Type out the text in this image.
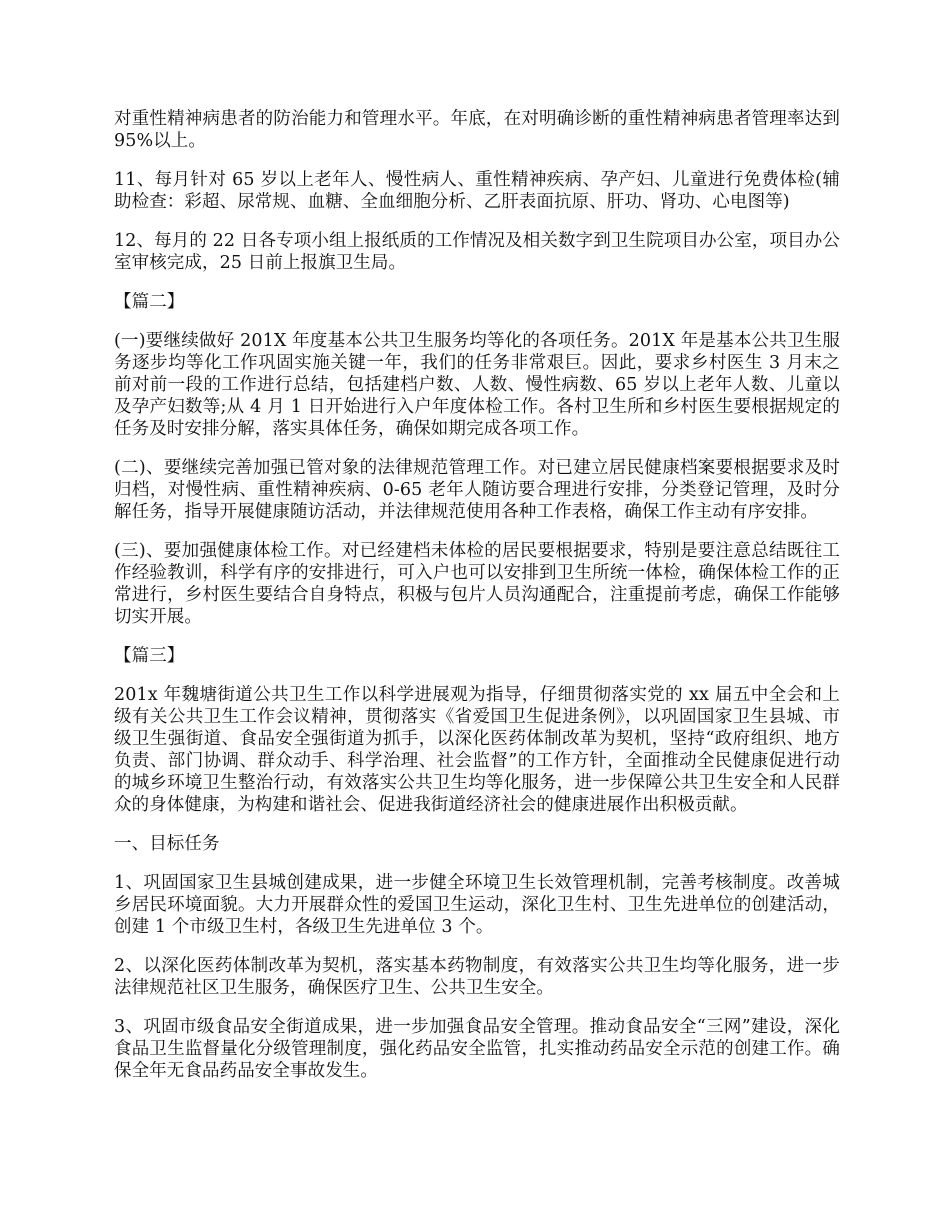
对重性精神病患者的防治能力和管理水平。年底，在对明确诊断的重性精神病患者管理率达到 95%以上。

11、每月针对 65 岁以上老年人、慢性病人、重性精神疾病、孕产妇、儿童进行免费体检(辅助检查：彩超、尿常规、血糖、全血细胞分析、乙肝表面抗原、肝功、肾功、心电图等)

12、每月的 22 日各专项小组上报纸质的工作情况及相关数字到卫生院项目办公室，项目办公室审核完成，25 日前上报旗卫生局。

【篇二】

(一)要继续做好 201X 年度基本公共卫生服务均等化的各项任务。201X 年是基本公共卫生服务逐步均等化工作巩固实施关键一年，我们的任务非常艰巨。因此，要求乡村医生 3 月末之前对前一段的工作进行总结，包括建档户数、人数、慢性病数、65 岁以上老年人数、儿童以及孕产妇数等;从 4 月 1 日开始进行入户年度体检工作。各村卫生所和乡村医生要根据规定的任务及时安排分解，落实具体任务，确保如期完成各项工作。

(二)、要继续完善加强已管对象的法律规范管理工作。对已建立居民健康档案要根据要求及时归档，对慢性病、重性精神疾病、0-65 老年人随访要合理进行安排，分类登记管理，及时分解任务，指导开展健康随访活动，并法律规范使用各种工作表格，确保工作主动有序安排。

(三)、要加强健康体检工作。对已经建档未体检的居民要根据要求，特别是要注意总结既往工作经验教训，科学有序的安排进行，可入户也可以安排到卫生所统一体检，确保体检工作的正常进行，乡村医生要结合自身特点，积极与包片人员沟通配合，注重提前考虑，确保工作能够切实开展。

【篇三】

201x 年魏塘街道公共卫生工作以科学进展观为指导，仔细贯彻落实党的 xx 届五中全会和上级有关公共卫生工作会议精神，贯彻落实《省爱国卫生促进条例》，以巩固国家卫生县城、市级卫生强街道、食品安全强街道为抓手，以深化医药体制改革为契机，坚持“政府组织、地方负责、部门协调、群众动手、科学治理、社会监督”的工作方针，全面推动全民健康促进行动的城乡环境卫生整治行动，有效落实公共卫生均等化服务，进一步保障公共卫生安全和人民群众的身体健康，为构建和谐社会、促进我街道经济社会的健康进展作出积极贡献。

一、目标任务

1、巩固国家卫生县城创建成果，进一步健全环境卫生长效管理机制，完善考核制度。改善城乡居民环境面貌。大力开展群众性的爱国卫生运动，深化卫生村、卫生先进单位的创建活动，创建 1 个市级卫生村，各级卫生先进单位 3 个。

2、以深化医药体制改革为契机，落实基本药物制度，有效落实公共卫生均等化服务，进一步法律规范社区卫生服务，确保医疗卫生、公共卫生安全。

3、巩固市级食品安全街道成果，进一步加强食品安全管理。推动食品安全“三网”建设，深化食品卫生监督量化分级管理制度，强化药品安全监管，扎实推动药品安全示范的创建工作。确保全年无食品药品安全事故发生。
